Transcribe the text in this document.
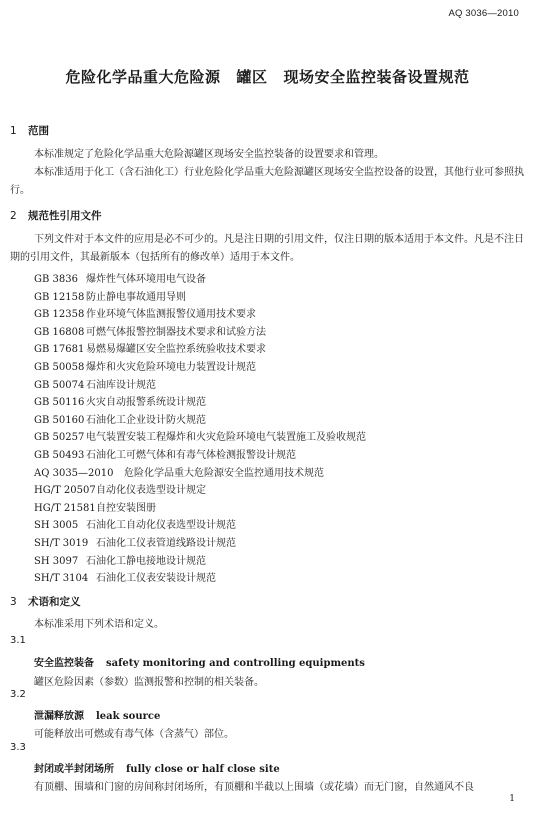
AQ 3036—2010
危险化学品重大危险源 罐区 现场安全监控装备设置规范
1 范围
本标准规定了危险化学品重大危险源罐区现场安全监控装备的设置要求和管理。
本标准适用于化工（含石油化工）行业危险化学品重大危险源罐区现场安全监控设备的设置，其他行业可参照执行。
2 规范性引用文件
下列文件对于本文件的应用是必不可少的。凡是注日期的引用文件，仅注日期的版本适用于本文件。凡是不注日期的引用文件，其最新版本（包括所有的修改单）适用于本文件。
GB 3836 爆炸性气体环境用电气设备
GB 12158 防止静电事故通用导则
GB 12358 作业环境气体监测报警仪通用技术要求
GB 16808 可燃气体报警控制器技术要求和试验方法
GB 17681 易燃易爆罐区安全监控系统验收技术要求
GB 50058 爆炸和火灾危险环境电力装置设计规范
GB 50074 石油库设计规范
GB 50116 火灾自动报警系统设计规范
GB 50160 石油化工企业设计防火规范
GB 50257 电气装置安装工程爆炸和火灾危险环境电气装置施工及验收规范
GB 50493 石油化工可燃气体和有毒气体检测报警设计规范
AQ 3035—2010 危险化学品重大危险源安全监控通用技术规范
HG/T 20507自动化仪表选型设计规定
HG/T 21581自控安装图册
SH 3005 石油化工自动化仪表选型设计规范
SH/T 3019 石油化工仪表管道线路设计规范
SH 3097 石油化工静电接地设计规范
SH/T 3104 石油化工仪表安装设计规范
3 术语和定义
本标准采用下列术语和定义。
3.1
安全监控装备 safety monitoring and controlling equipments
罐区危险因素（参数）监测报警和控制的相关装备。
3.2
泄漏释放源 leak source
可能释放出可燃或有毒气体（含蒸气）部位。
3.3
封闭或半封闭场所 fully close or half close site
有顶棚、围墙和门窗的房间称封闭场所，有顶棚和半截以上围墙（或花墙）而无门窗，自然通风不良
1
